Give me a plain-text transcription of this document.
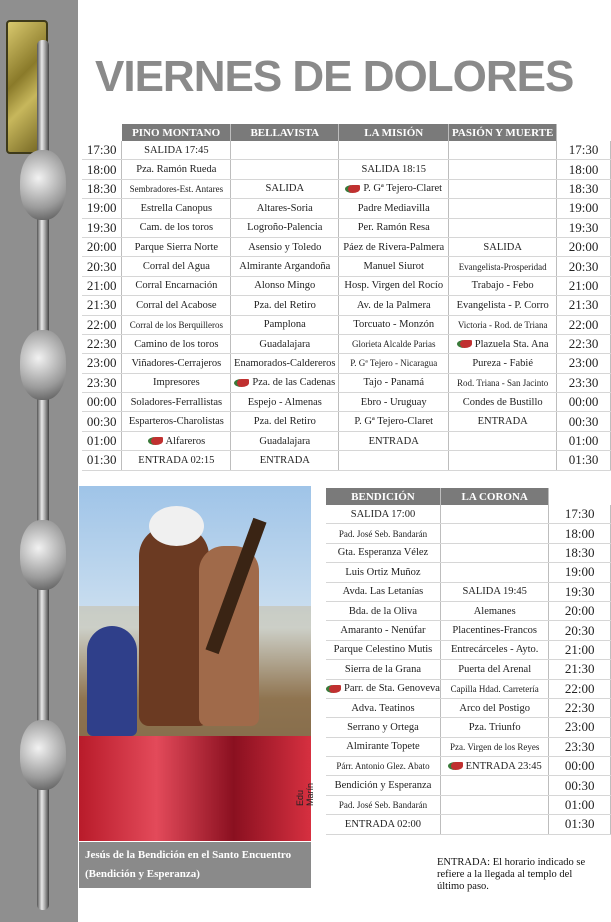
VIERNES DE DOLORES
	PINO MONTANO	BELLAVISTA	LA MISIÓN	PASIÓN Y MUERTE	
17:30	SALIDA 17:45				17:30
18:00	Pza. Ramón Rueda		SALIDA 18:15		18:00
18:30	Sembradores-Est. Antares	SALIDA	P. Gª Tejero-Claret		18:30
19:00	Estrella Canopus	Altares-Soria	Padre Mediavilla		19:00
19:30	Cam. de los toros	Logroño-Palencia	Per. Ramón Resa		19:30
20:00	Parque Sierra Norte	Asensio y Toledo	Páez de Rivera-Palmera	SALIDA	20:00
20:30	Corral del Agua	Almirante Argandoña	Manuel Siurot	Evangelista-Prosperidad	20:30
21:00	Corral Encarnación	Alonso Mingo	Hosp. Virgen del Rocío	Trabajo - Febo	21:00
21:30	Corral del Acabose	Pza. del Retiro	Av. de la Palmera	Evangelista - P. Corro	21:30
22:00	Corral de los Berquilleros	Pamplona	Torcuato - Monzón	Victoria - Rod. de Triana	22:00
22:30	Camino de los toros	Guadalajara	Glorieta Alcalde Parias	Plazuela Sta. Ana	22:30
23:00	Viñadores-Cerrajeros	Enamorados-Caldereros	P. Gª Tejero - Nicaragua	Pureza - Fabié	23:00
23:30	Impresores	Pza. de las Cadenas	Tajo - Panamá	Rod. Triana - San Jacinto	23:30
00:00	Soladores-Ferrallistas	Espejo - Almenas	Ebro - Uruguay	Condes de Bustillo	00:00
00:30	Esparteros-Charolistas	Pza. del Retiro	P. Gª Tejero-Claret	ENTRADA	00:30
01:00	Alfareros	Guadalajara	ENTRADA		01:00
01:30	ENTRADA 02:15	ENTRADA			01:30
Edu Marín
Jesús de la Bendición en el Santo Encuentro (Bendición y Esperanza)
BENDICIÓN	LA CORONA	
SALIDA 17:00		17:30
Pad. José Seb. Bandarán		18:00
Gta. Esperanza Vélez		18:30
Luis Ortiz Muñoz		19:00
Avda. Las Letanías	SALIDA 19:45	19:30
Bda. de la Oliva	Alemanes	20:00
Amaranto - Nenúfar	Placentines-Francos	20:30
Parque Celestino Mutis	Entrecárceles - Ayto.	21:00
Sierra de la Grana	Puerta del Arenal	21:30
Parr. de Sta. Genoveva	Capilla Hdad. Carretería	22:00
Adva. Teatinos	Arco del Postigo	22:30
Serrano y Ortega	Pza. Triunfo	23:00
Almirante Topete	Pza. Virgen de los Reyes	23:30
Párr. Antonio Glez. Abato	ENTRADA 23:45	00:00
Bendición y Esperanza		00:30
Pad. José Seb. Bandarán		01:00
ENTRADA 02:00		01:30
ENTRADA: El horario indicado se refiere a la llegada al templo del último paso.
